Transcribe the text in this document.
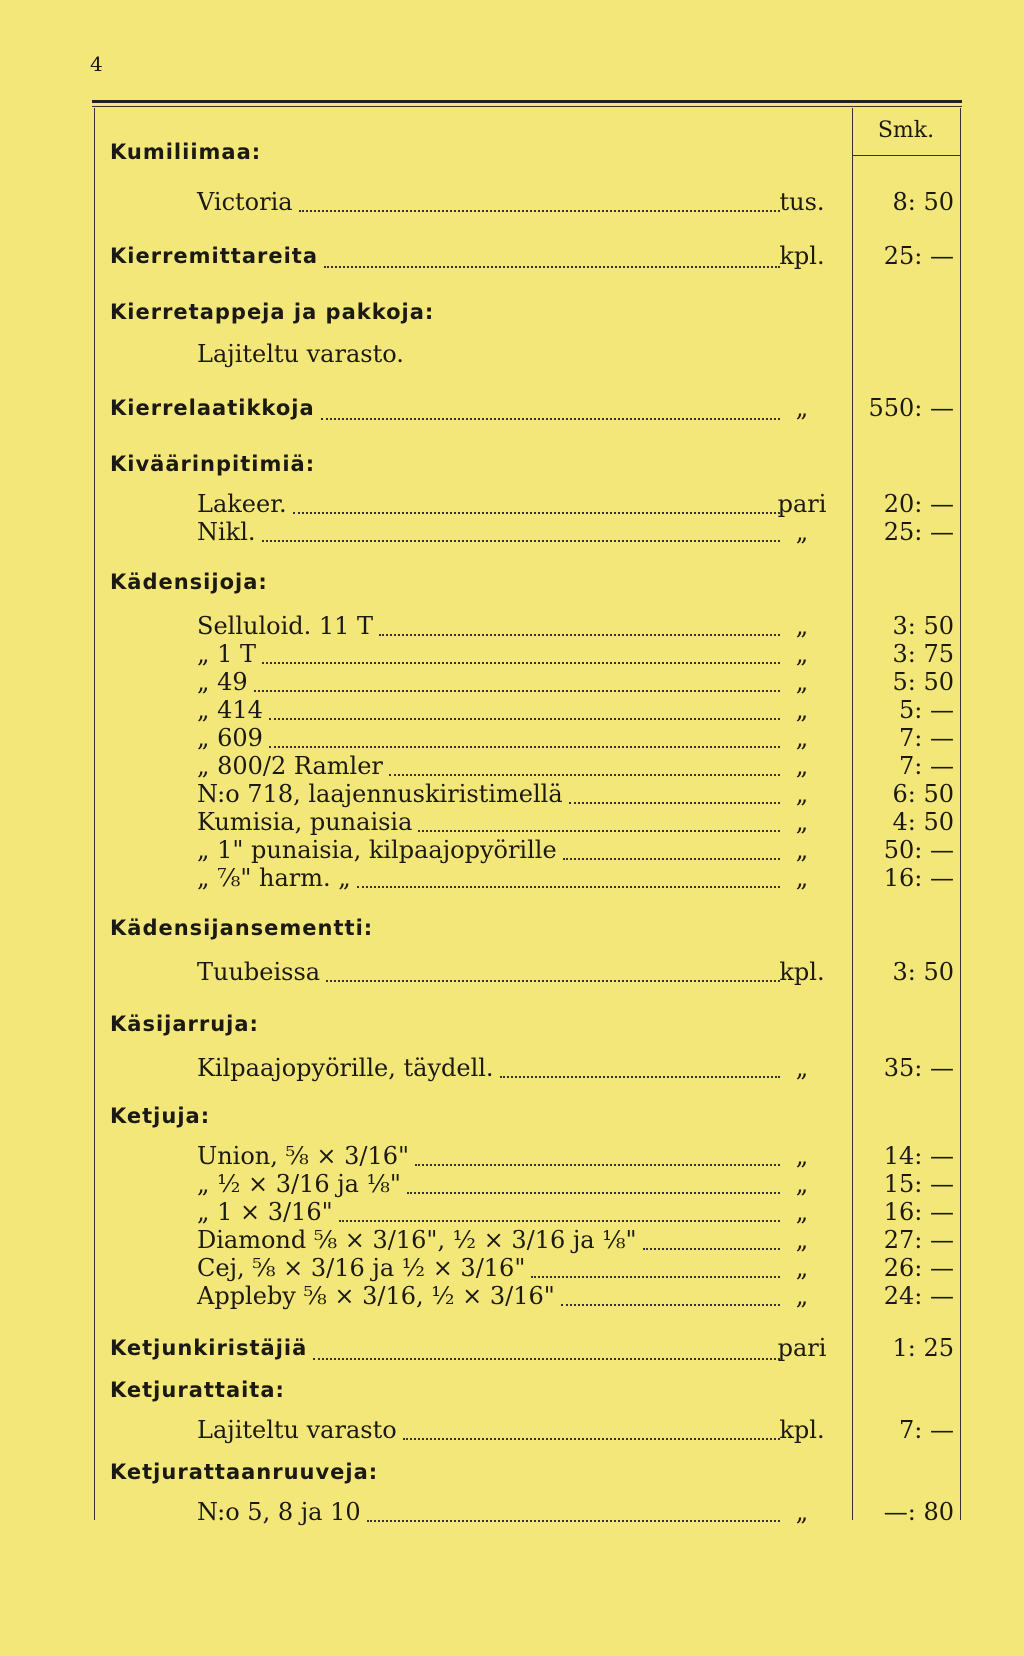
4
Smk.
Kumiliimaa:
Victoria	tus.	8: 50
Kierremittareita	kpl.	25: —
Kierretappeja ja pakkoja:
Lajiteltu varasto.
Kierrelaatikkoja	„	550: —
Kiväärinpitimiä:
Lakeer.	pari	20: —
Nikl.	„	25: —
Kädensijoja:
Selluloid. 11 T	„	3: 50
„ 1 T	„	3: 75
„ 49	„	5: 50
„ 414	„	5: —
„ 609	„	7: —
„ 800/2 Ramler	„	7: —
N:o 718, laajennuskiristimellä	„	6: 50
Kumisia, punaisia	„	4: 50
„ 1" punaisia, kilpaajopyörille	„	50: —
„ ⅞" harm. „	„	16: —
Kädensijansementti:
Tuubeissa	kpl.	3: 50
Käsijarruja:
Kilpaajopyörille, täydell.	„	35: —
Ketjuja:
Union, ⅝ × 3/16"	„	14: —
„ ½ × 3/16 ja ⅛"	„	15: —
„ 1 × 3/16"	„	16: —
Diamond ⅝ × 3/16", ½ × 3/16 ja ⅛"	„	27: —
Cej, ⅝ × 3/16 ja ½ × 3/16"	„	26: —
Appleby ⅝ × 3/16, ½ × 3/16"	„	24: —
Ketjunkiristäjiä	pari	1: 25
Ketjurattaita:
Lajiteltu varasto	kpl.	7: —
Ketjurattaanruuveja:
N:o 5, 8 ja 10	„	—: 80
